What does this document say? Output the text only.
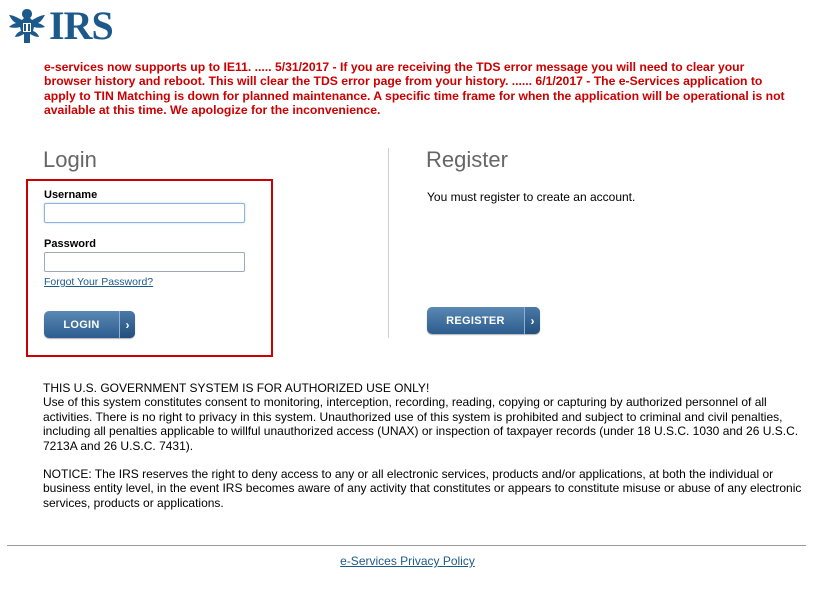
IRS
e-services now supports up to IE11. ..... 5/31/2017 - If you are receiving the TDS error message you will need to clear your browser history and reboot. This will clear the TDS error page from your history. ...... 6/1/2017 - The e-Services application to apply to TIN Matching is down for planned maintenance. A specific time frame for when the application will be operational is not available at this time. We apologize for the inconvenience.
Login
Username
Password
Forgot Your Password?
LOGIN	›
Register
You must register to create an account.
REGISTER	›

THIS U.S. GOVERNMENT SYSTEM IS FOR AUTHORIZED USE ONLY!

Use of this system constitutes consent to monitoring, interception, recording, reading, copying or capturing by authorized personnel of all activities. There is no right to privacy in this system. Unauthorized use of this system is prohibited and subject to criminal and civil penalties, including all penalties applicable to willful unauthorized access (UNAX) or inspection of taxpayer records (under 18 U.S.C. 1030 and 26 U.S.C. 7213A and 26 U.S.C. 7431).

NOTICE: The IRS reserves the right to deny access to any or all electronic services, products and/or applications, at both the individual or business entity level, in the event IRS becomes aware of any activity that constitutes or appears to constitute misuse or abuse of any electronic services, products or applications.

e-Services Privacy Policy
